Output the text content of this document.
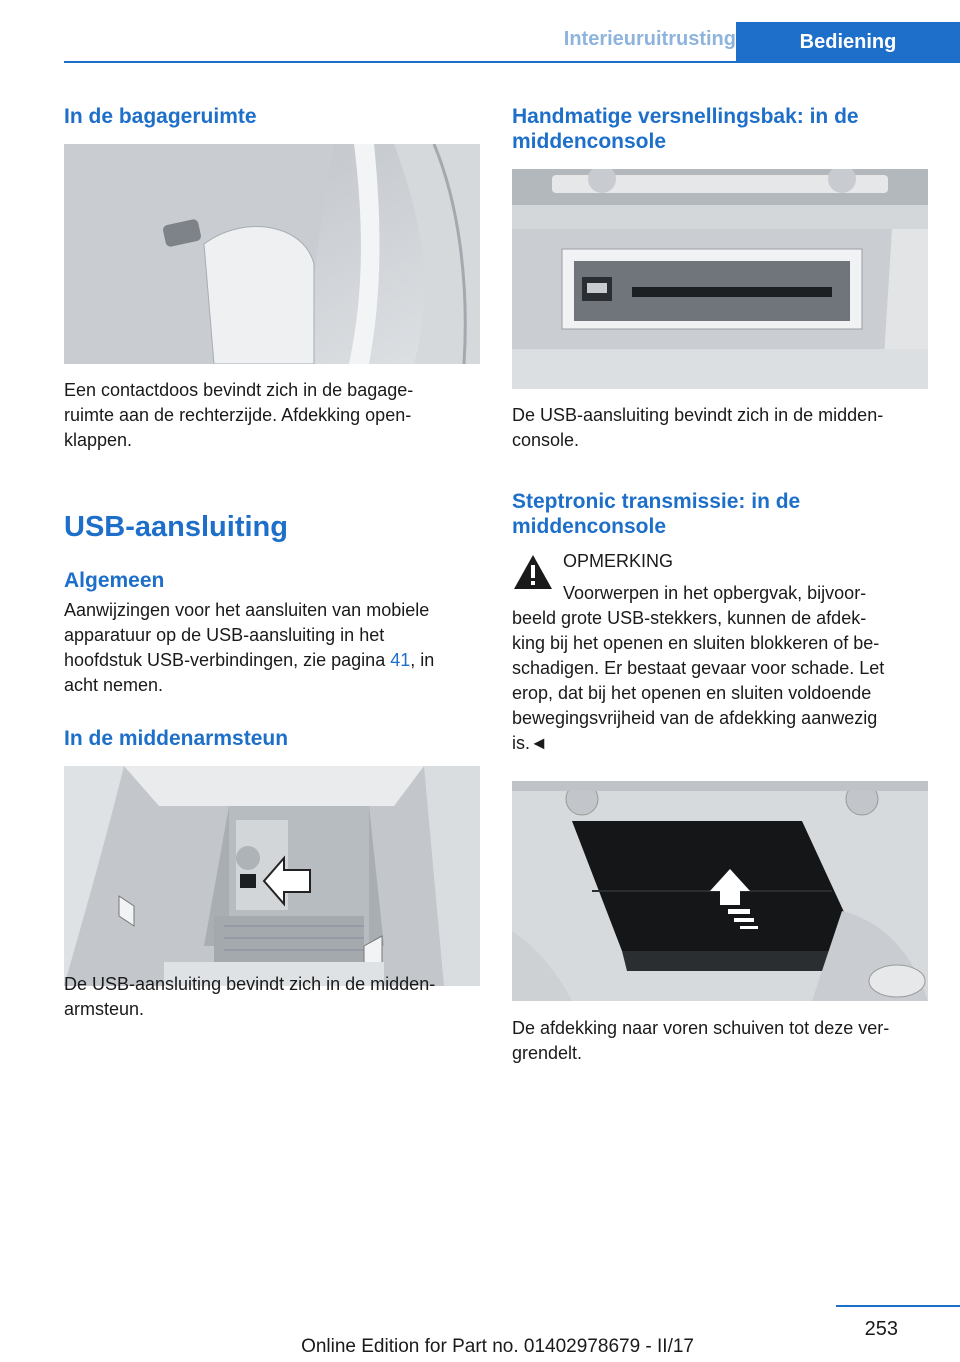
Interieuruitrusting	Bediening
In de bagageruimte

Een contactdoos bevindt zich in de bagage-
ruimte aan de rechterzijde. Afdekking open-
klappen.

USB-aansluiting
Algemeen

Aanwijzingen voor het aansluiten van mobiele
apparatuur op de USB-aansluiting in het
hoofdstuk USB-verbindingen, zie pagina 41, in
acht nemen.

In de middenarmsteun

De USB-aansluiting bevindt zich in de midden-
armsteun.

Handmatige versnellingsbak: in de
middenconsole

De USB-aansluiting bevindt zich in de midden-
console.

Steptronic transmissie: in de
middenconsole

OPMERKING

Voorwerpen in het opbergvak, bijvoor-
beeld grote USB-stekkers, kunnen de afdek-
king bij het openen en sluiten blokkeren of be-
schadigen. Er bestaat gevaar voor schade. Let
erop, dat bij het openen en sluiten voldoende
bewegingsvrijheid van de afdekking aanwezig
is.◄

De afdekking naar voren schuiven tot deze ver-
grendelt.

253
Online Edition for Part no. 01402978679 - II/17
